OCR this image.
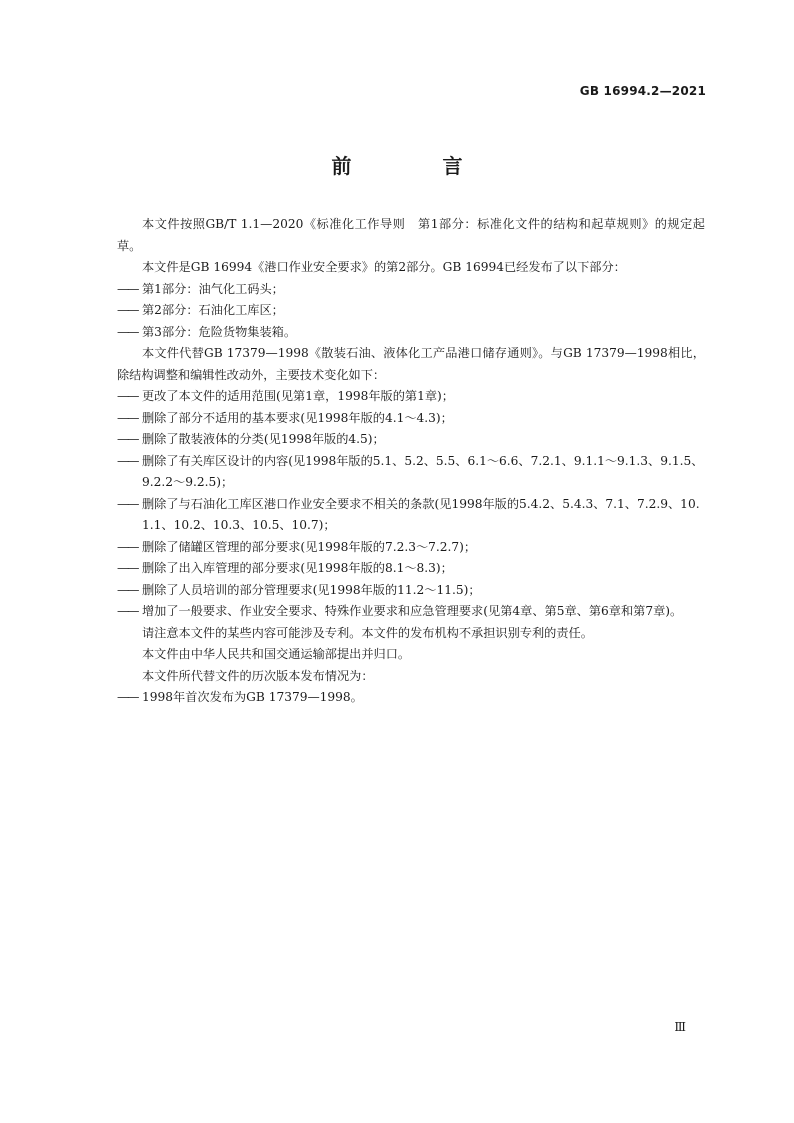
GB 16994.2—2021
前 言

本文件按照GB/T 1.1—2020《标准化工作导则　第1部分：标准化文件的结构和起草规则》的规定起草。

本文件是GB 16994《港口作业安全要求》的第2部分。GB 16994已经发布了以下部分：

——第1部分：油气化工码头；
——第2部分：石油化工库区；
——第3部分：危险货物集装箱。

本文件代替GB 17379—1998《散装石油、液体化工产品港口储存通则》。与GB 17379—1998相比，除结构调整和编辑性改动外，主要技术变化如下：

——更改了本文件的适用范围(见第1章，1998年版的第1章)；
——删除了部分不适用的基本要求(见1998年版的4.1～4.3)；
——删除了散装液体的分类(见1998年版的4.5)；
——删除了有关库区设计的内容(见1998年版的5.1、5.2、5.5、6.1～6.6、7.2.1、9.1.1～9.1.3、9.1.5、9.2.2～9.2.5)；
——删除了与石油化工库区港口作业安全要求不相关的条款(见1998年版的5.4.2、5.4.3、7.1、7.2.9、10.1.1、10.2、10.3、10.5、10.7)；
——删除了储罐区管理的部分要求(见1998年版的7.2.3～7.2.7)；
——删除了出入库管理的部分要求(见1998年版的8.1～8.3)；
——删除了人员培训的部分管理要求(见1998年版的11.2～11.5)；
——增加了一般要求、作业安全要求、特殊作业要求和应急管理要求(见第4章、第5章、第6章和第7章)。

请注意本文件的某些内容可能涉及专利。本文件的发布机构不承担识别专利的责任。

本文件由中华人民共和国交通运输部提出并归口。

本文件所代替文件的历次版本发布情况为：

——1998年首次发布为GB 17379—1998。
Ⅲ
